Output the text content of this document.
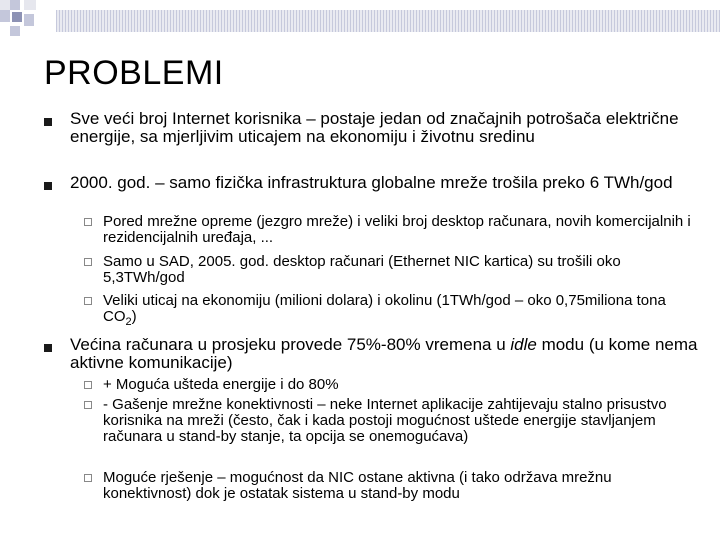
PROBLEMI
Sve veći broj Internet korisnika – postaje jedan od značajnih potrošača električne energije, sa mjerljivim uticajem na ekonomiju i životnu sredinu
2000. god. – samo fizička infrastruktura globalne mreže trošila preko 6 TWh/god
Pored mrežne opreme (jezgro mreže) i veliki broj desktop računara, novih komercijalnih i rezidencijalnih uređaja, ...
Samo u SAD, 2005. god. desktop računari (Ethernet NIC kartica) su trošili oko 5,3TWh/god
Veliki uticaj na ekonomiju (milioni dolara) i okolinu (1TWh/god – oko 0,75miliona tona $CO_2$)
Većina računara u prosjeku provede 75%-80% vremena u idle modu (u kome nema aktivne komunikacije)
+ Moguća ušteda energije i do 80%
- Gašenje mrežne konektivnosti – neke Internet aplikacije zahtijevaju stalno prisustvo korisnika na mreži (često, čak i kada postoji mogućnost uštede energije stavljanjem računara u stand-by stanje, ta opcija se onemogućava)
Moguće rješenje – mogućnost da NIC ostane aktivna (i tako održava mrežnu konektivnost) dok je ostatak sistema u stand-by modu
